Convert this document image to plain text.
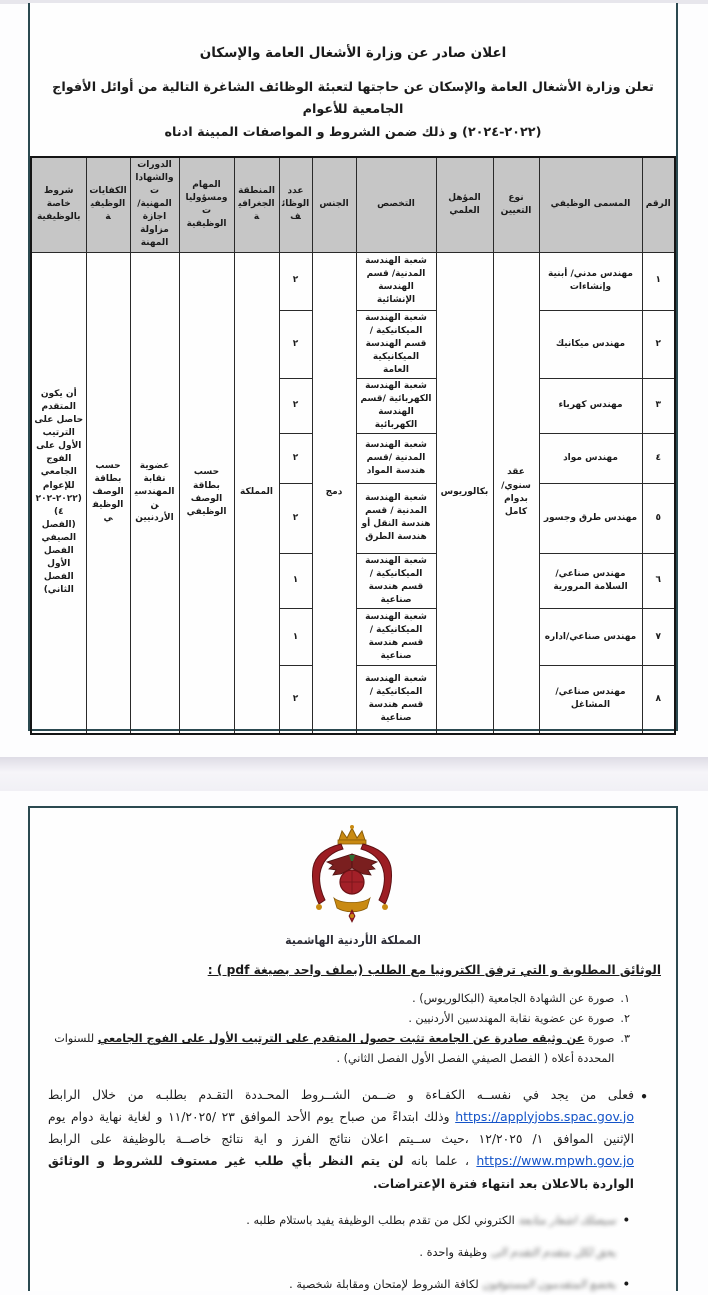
اعلان صادر عن وزارة الأشغال العامة والإسكان
تعلن وزارة الأشغال العامة والإسكان عن حاجتها لتعبئة الوظائف الشاغرة التالية من أوائل الأفواج الجامعية للأعوام
(٢٠٢٢-٢٠٢٤) و ذلك ضمن الشروط و المواصفات المبينة ادناه
الرقم	المسمى الوظيفي	نوع التعيين	المؤهل العلمي	التخصص	الجنس	عدد الوظائف	المنطقة الجغرافية	المهام ومسؤوليات الوظيفية	الدورات والشهادات المهنية/اجازة مزاولة المهنة	الكفايات الوظيفية	شروط خاصة بالوظيفية
١	مهندس مدني/ أبنية وإنشاءات	عقد سنوي/ بدوام كامل	بكالوريوس	شعبة الهندسة المدنية/ قسم الهندسة الإنشائية	دمج	٢	المملكة	حسب بطاقة الوصف الوظيفي	عضوية نقابة المهندسين الأردنيين	حسب بطاقة الوصف الوظيفي	أن يكون المتقدم حاصل على الترتيب الأول على الفوج الجامعي للإعوام (٢٠٢٢-٢٠٢٤)
(الفصل الصيفي الفصل الأول الفصل الثاني)
٢	مهندس ميكانيك			شعبة الهندسة الميكانيكية / قسم الهندسة الميكانيكية العامة		٢					
٣	مهندس كهرباء			شعبة الهندسة الكهربائية /قسم الهندسة الكهربائية		٢					
٤	مهندس مواد			شعبة الهندسة المدنية /قسم هندسة المواد		٢					
٥	مهندس طرق وجسور			شعبة الهندسة المدنية / قسم هندسة النقل أو هندسة الطرق		٢					
٦	مهندس صناعي/السلامة المرورية			شعبة الهندسة الميكانيكية / قسم هندسة صناعية		١					
٧	مهندس صناعي/اداره			شعبة الهندسة الميكانيكية / قسم هندسة صناعية		١					
٨	مهندس صناعي/المشاغل			شعبة الهندسة الميكانيكية / قسم هندسة صناعية		٢					
المملكة الأردنية الهاشمية
الوثائق المطلوبة و التي ترفق الكترونيا مع الطلب (بملف واحد بصيغة pdf ) :
١.
صورة عن الشهادة الجامعية (البكالوريوس) .
٢.
صورة عن عضوية نقابة المهندسين الأردنيين .
٣.
صورة عن وثيقه صادرة عن الجامعة تثبت حصول المتقدم على الترتيب الأول على الفوج الجامعي للسنوات المحددة أعلاه ( الفصل الصيفي الفصل الأول الفصل الثاني) .
• فعلى من يجد في نفســه الكفـاءة و ضــمن الشــروط المحـددة التقـدم بطلبـه من خلال الرابط https://applyjobs.spac.gov.jo وذلك ابتداءً من صباح يوم الأحد الموافق ٢٣ /١١/٢٠٢٥ و لغاية نهاية دوام يوم الإثنين الموافق ١/ ١٢/٢٠٢٥ ،حيث ســيتم اعلان نتائج الفرز و اية نتائج خاصــة بالوظيفة على الرابط https://www.mpwh.gov.jo ، علما بانه لن يتم النظر بأي طلب غير مستوف للشروط و الوثائق الواردة بالاعلان بعد انتهاء فترة الإعتراضات.
• سيصلك اشعار متابعة الكتروني لكل من تقدم بطلب الوظيفة يفيد باستلام طلبه .
يحق لكل متقدم التقدم الى وظيفة واحدة .
• يخضع المتقدمون المستوفون لكافة الشروط لإمتحان ومقابلة شخصية .
